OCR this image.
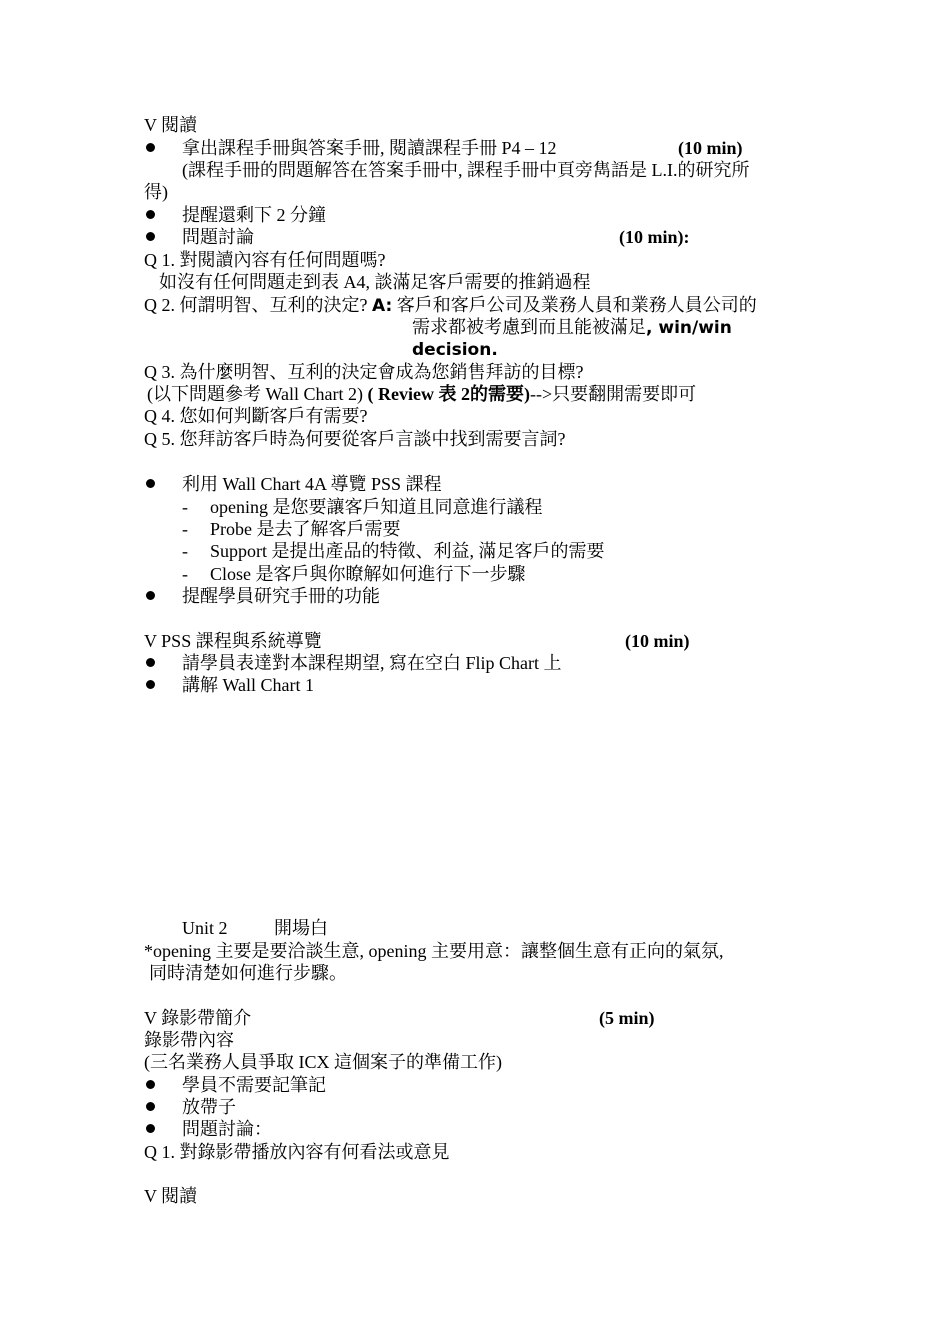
V 閱讀
拿出課程手冊與答案手冊, 閱讀課程手冊 P4 – 12	(10 min)
(課程手冊的問題解答在答案手冊中, 課程手冊中頁旁雋語是 L.I.的研究所
得)
提醒還剩下 2 分鐘
問題討論	(10 min):
Q 1. 對閱讀內容有任何問題嗎?
如沒有任何問題走到表 A4, 談滿足客戶需要的推銷過程
Q 2. 何謂明智、互利的決定? A: 客戶和客戶公司及業務人員和業務人員公司的
需求都被考慮到而且能被滿足, win/win
decision.
Q 3. 為什麼明智、互利的決定會成為您銷售拜訪的目標?
(以下問題參考 Wall Chart 2) ( Review 表 2的需要)-->只要翻開需要即可
Q 4. 您如何判斷客戶有需要?
Q 5. 您拜訪客戶時為何要從客戶言談中找到需要言詞?
利用 Wall Chart 4A 導覽 PSS 課程
- opening 是您要讓客戶知道且同意進行議程
- Probe 是去了解客戶需要
- Support 是提出產品的特徵、利益, 滿足客戶的需要
- Close 是客戶與你瞭解如何進行下一步驟
提醒學員研究手冊的功能
V PSS 課程與系統導覽	(10 min)
請學員表達對本課程期望, 寫在空白 Flip Chart 上
講解 Wall Chart 1
Unit 2	開場白
*opening 主要是要洽談生意, opening 主要用意：讓整個生意有正向的氣氛,
同時清楚如何進行步驟。
V 錄影帶簡介	(5 min)
錄影帶內容
(三名業務人員爭取 ICX 這個案子的準備工作)
學員不需要記筆記
放帶子
問題討論：
Q 1. 對錄影帶播放內容有何看法或意見
V 閱讀
